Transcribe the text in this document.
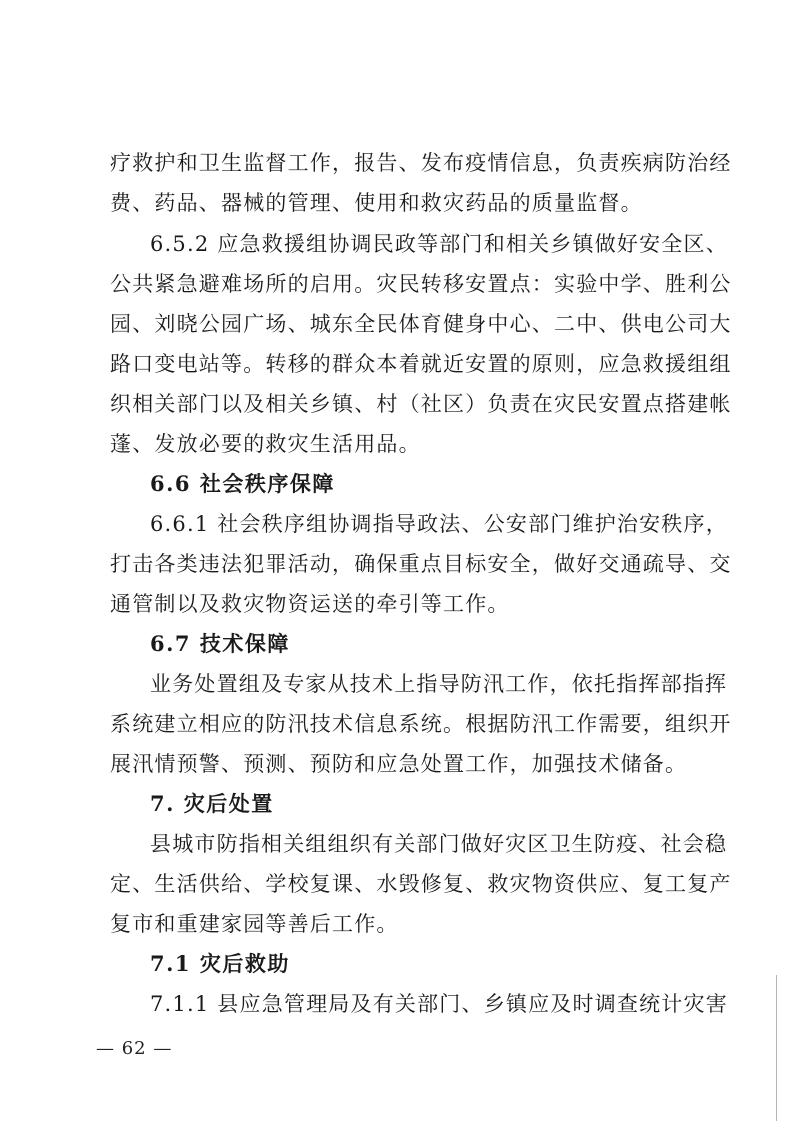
疗救护和卫生监督工作，报告、发布疫情信息，负责疾病防治经
费、药品、器械的管理、使用和救灾药品的质量监督。
6.5.2 应急救援组协调民政等部门和相关乡镇做好安全区、
公共紧急避难场所的启用。灾民转移安置点：实验中学、胜利公
园、刘晓公园广场、城东全民体育健身中心、二中、供电公司大
路口变电站等。转移的群众本着就近安置的原则，应急救援组组
织相关部门以及相关乡镇、村（社区）负责在灾民安置点搭建帐
蓬、发放必要的救灾生活用品。
6.6 社会秩序保障
6.6.1 社会秩序组协调指导政法、公安部门维护治安秩序，
打击各类违法犯罪活动，确保重点目标安全，做好交通疏导、交
通管制以及救灾物资运送的牵引等工作。
6.7 技术保障
业务处置组及专家从技术上指导防汛工作，依托指挥部指挥
系统建立相应的防汛技术信息系统。根据防汛工作需要，组织开
展汛情预警、预测、预防和应急处置工作，加强技术储备。
7. 灾后处置
县城市防指相关组组织有关部门做好灾区卫生防疫、社会稳
定、生活供给、学校复课、水毁修复、救灾物资供应、复工复产
复市和重建家园等善后工作。
7.1 灾后救助
7.1.1 县应急管理局及有关部门、乡镇应及时调查统计灾害
— 62 —
